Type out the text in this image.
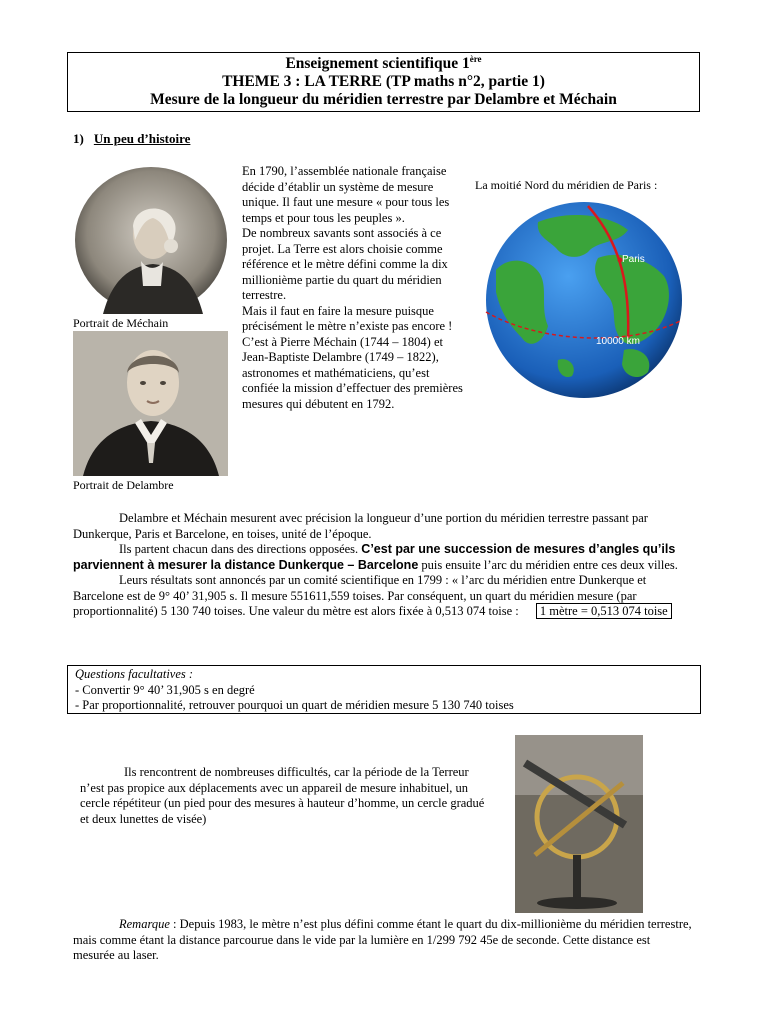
Enseignement scientifique 1ère
THEME 3 : LA TERRE (TP maths n°2, partie 1)
Mesure de la longueur du méridien terrestre par Delambre et Méchain
1) Un peu d’histoire
Portrait de Méchain
Portrait de Delambre
En 1790, l’assemblée nationale française décide d’établir un système de mesure unique. Il faut une mesure « pour tous les temps et pour tous les peuples ».
De nombreux savants sont associés à ce projet. La Terre est alors choisie comme référence et le mètre défini comme la dix millionième partie du quart du méridien terrestre.
Mais il faut en faire la mesure puisque précisément le mètre n’existe pas encore !
C’est à Pierre Méchain (1744 – 1804) et Jean-Baptiste Delambre (1749 – 1822), astronomes et mathématiciens, qu’est confiée la mission d’effectuer des premières mesures qui débutent en 1792.
La moitié Nord du méridien de Paris :
Paris
10000 km

Delambre et Méchain mesurent avec précision la longueur d’une portion du méridien terrestre passant par Dunkerque, Paris et Barcelone, en toises, unité de l’époque.

Ils partent chacun dans des directions opposées. C’est par une succession de mesures d’angles qu’ils parviennent à mesurer la distance Dunkerque – Barcelone puis ensuite l’arc du méridien entre ces deux villes.

Leurs résultats sont annoncés par un comité scientifique en 1799 : « l’arc du méridien entre Dunkerque et Barcelone est de 9° 40’ 31,905 s. Il mesure 551611,559 toises. Par conséquent, un quart du méridien mesure (par proportionnalité) 5 130 740 toises. Une valeur du mètre est alors fixée à 0,513 074 toise : 1 mètre = 0,513 074 toise

Questions facultatives :
- Convertir 9° 40’ 31,905 s en degré
- Par proportionnalité, retrouver pourquoi un quart de méridien mesure 5 130 740 toises

Ils rencontrent de nombreuses difficultés, car la période de la Terreur n’est pas propice aux déplacements avec un appareil de mesure inhabituel, un cercle répétiteur (un pied pour des mesures à hauteur d’homme, un cercle gradué et deux lunettes de visée)

Remarque : Depuis 1983, le mètre n’est plus défini comme étant le quart du dix-millionième du méridien terrestre, mais comme étant la distance parcourue dans le vide par la lumière en 1/299 792 45e de seconde. Cette distance est mesurée au laser.
